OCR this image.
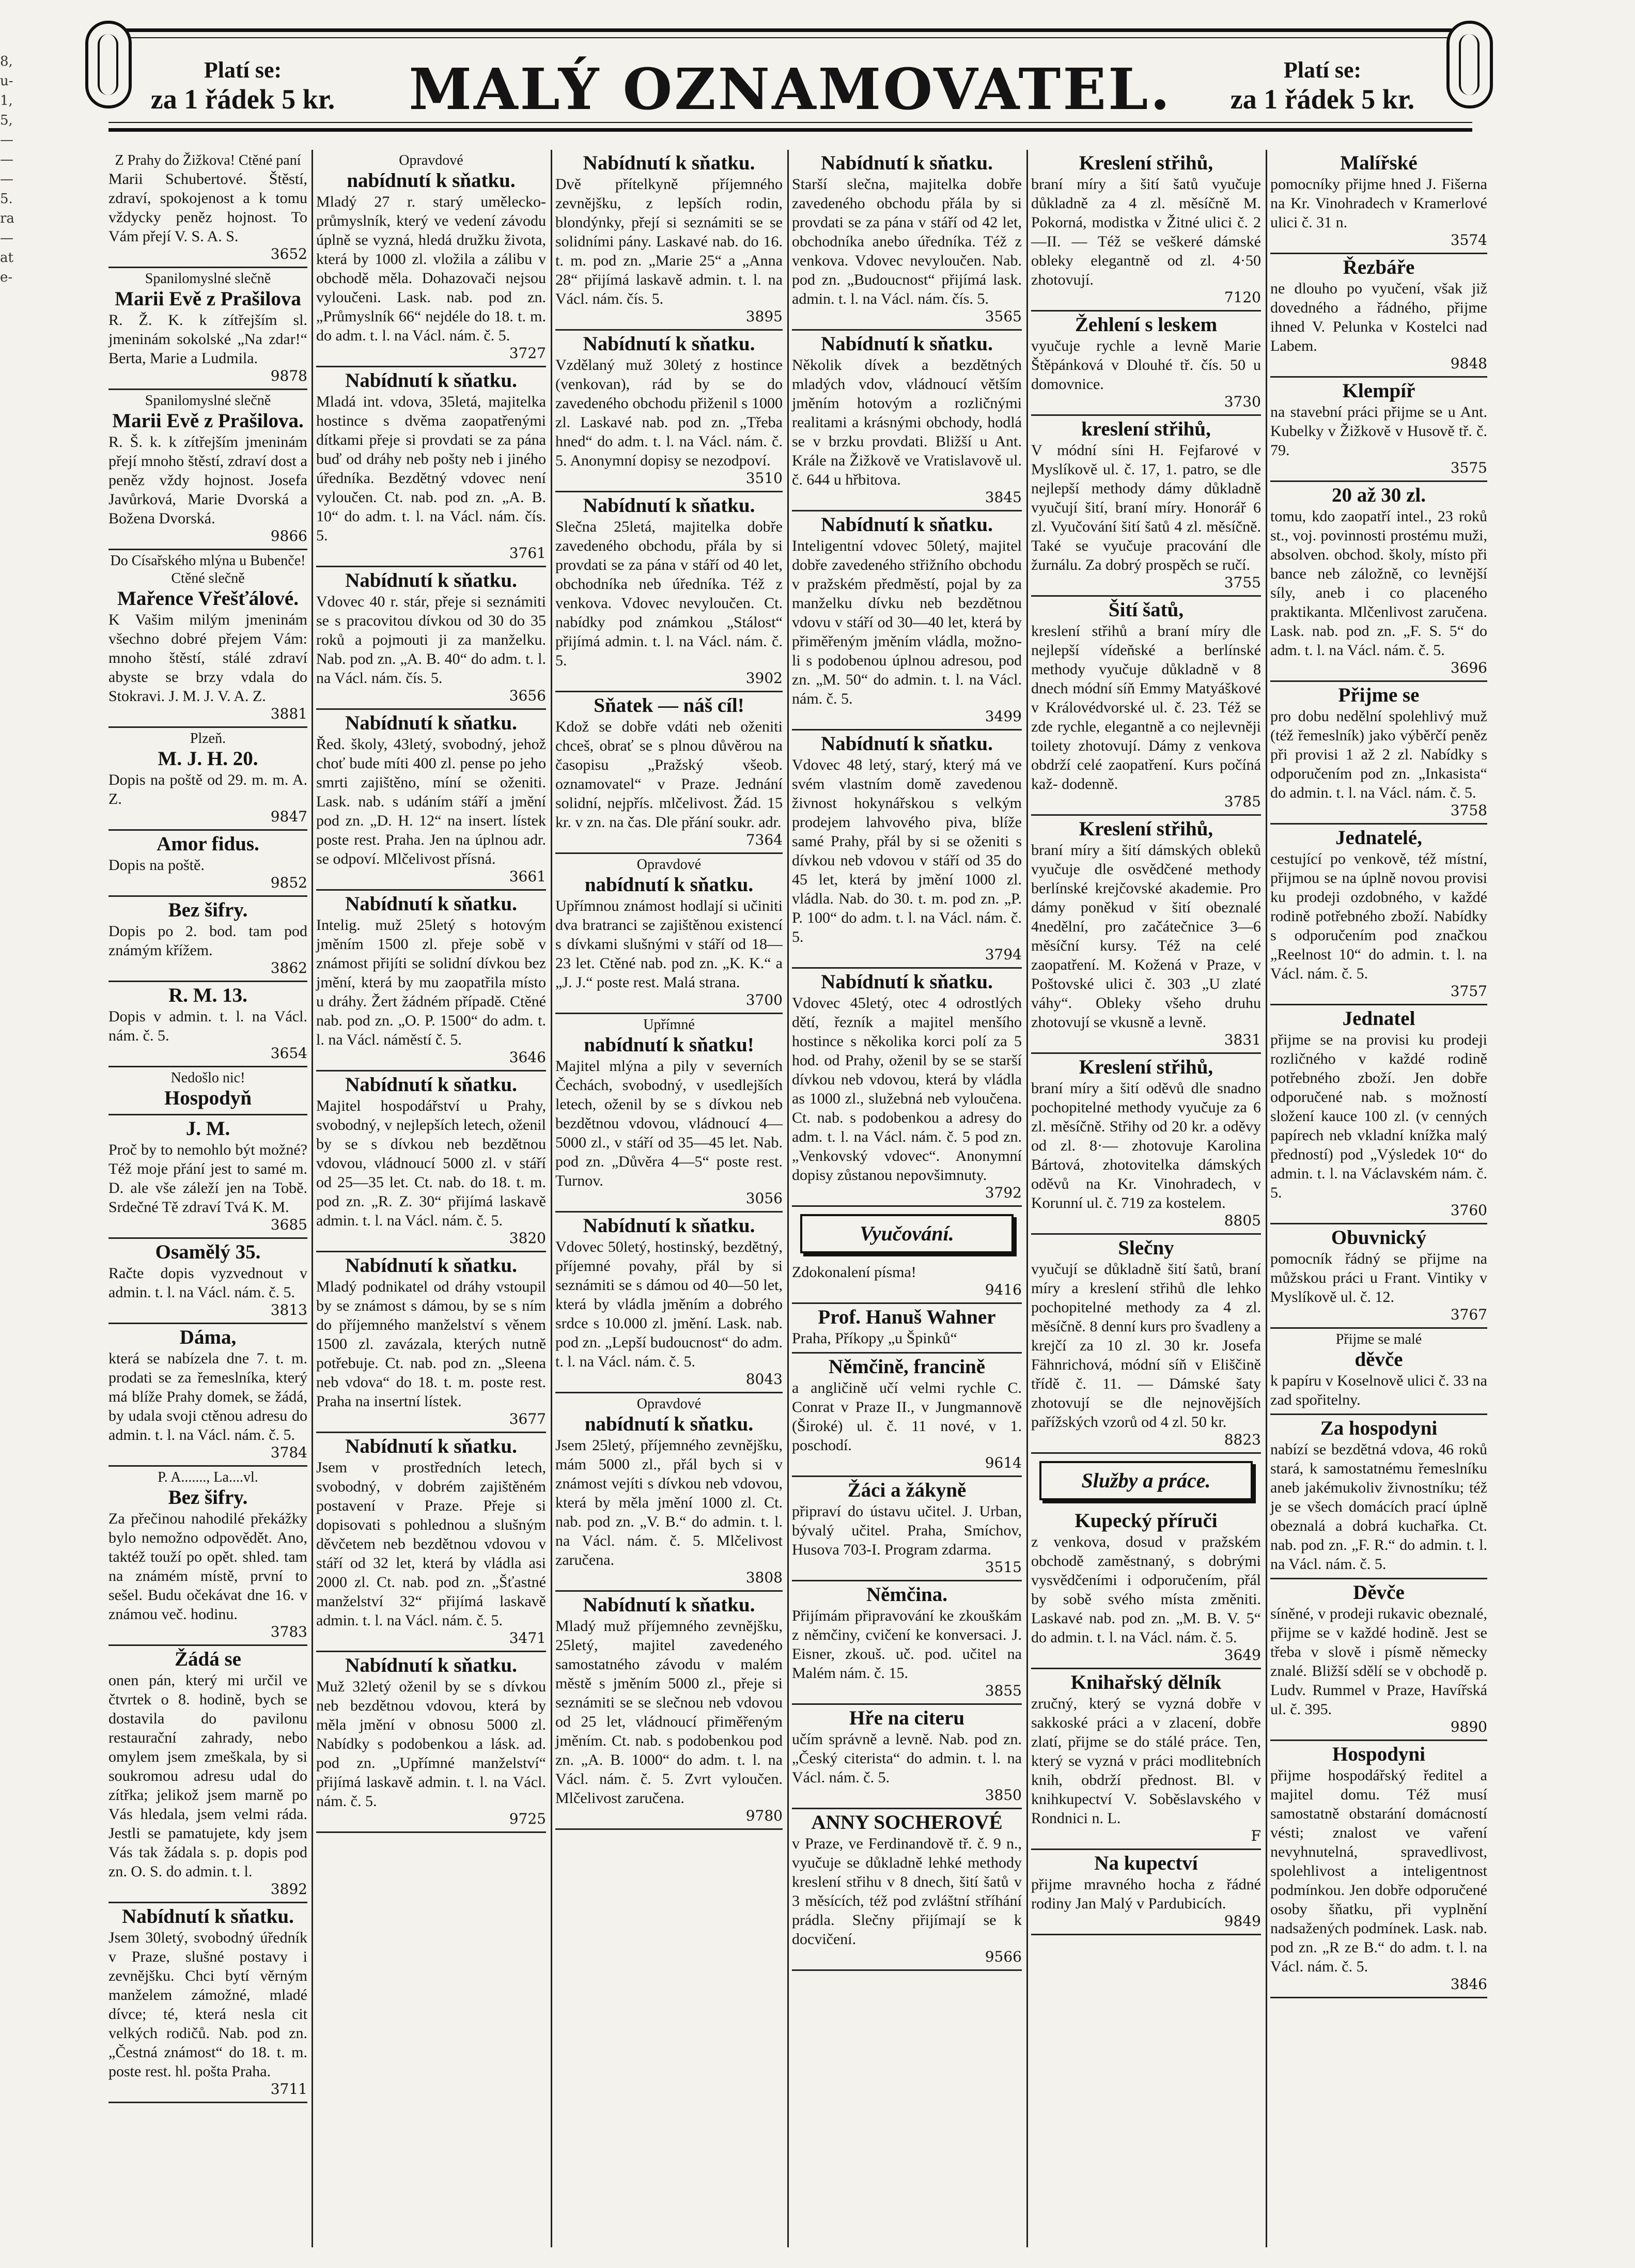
8,
u-
1,
5,
—
—
—
5.
ra
—
at
e-
Platí se:
za 1 řádek 5 kr.	MALÝ OZNAMOVATEL.	Platí se:
za 1 řádek 5 kr.
Z Prahy do Žižkova! Ctěné paní
Marii Schubertové. Štěstí, zdraví, spokojenost a k tomu vždycky peněz hojnost. To Vám přejí V. S. A. S.
3652
Spanilomyslné slečně
Marii Evě z Prašilova
R. Ž. K. k zítřejším sl. jmeninám sokolské „Na zdar!“ Berta, Marie a Ludmila.
9878
Spanilomyslné slečně
Marii Evě z Prašilova.
R. Š. k. k zítřejším jmeninám přejí mnoho štěstí, zdraví dost a peněz vždy hojnost. Josefa Javůrková, Marie Dvorská a Božena Dvorská.
9866
Do Císařského mlýna u Bubenče! Ctěné slečně
Mařence Vřešťálové.
K Vašim milým jmeninám všechno dobré přejem Vám: mnoho štěstí, stálé zdraví abyste se brzy vdala do Stokravi. J. M. J. V. A. Z.
3881
Plzeň.
M. J. H. 20.
Dopis na poště od 29. m. m. A. Z.
9847
Amor fidus.
Dopis na poště.
9852
Bez šifry.
Dopis po 2. bod. tam pod známým křížem.
3862
R. M. 13.
Dopis v admin. t. l. na Václ. nám. č. 5.
3654
Nedošlo nic!
Hospodyň
J. M.
Proč by to nemohlo být možné? Též moje přání jest to samé m. D. ale vše záleží jen na Tobě. Srdečné Tě zdraví Tvá K. M.
3685
Osamělý 35.
Račte dopis vyzvednout v admin. t. l. na Václ. nám. č. 5.
3813
Dáma,
která se nabízela dne 7. t. m. prodati se za řemeslníka, který má blíže Prahy domek, se žádá, by udala svoji ctěnou adresu do admin. t. l. na Václ. nám. č. 5.
3784
P. A......., La....vl.
Bez šifry.
Za přečinou nahodilé překážky bylo nemožno odpovědět. Ano, taktéž touží po opět. shled. tam na známém místě, první to sešel. Budu očekávat dne 16. v známou več. hodinu.
3783
Žádá se
onen pán, který mi určil ve čtvrtek o 8. hodině, bych se dostavila do pavilonu restaurační zahrady, nebo omylem jsem zmeškala, by si soukromou adresu udal do zítřka; jelikož jsem marně po Vás hledala, jsem velmi ráda. Jestli se pamatujete, kdy jsem Vás tak žádala s. p. dopis pod zn. O. S. do admin. t. l.
3892
Nabídnutí k sňatku.
Jsem 30letý, svobodný úředník v Praze, slušné postavy i zevnějšku. Chci bytí věrným manželem zámožné, mladé dívce; té, která nesla cit velkých rodičů. Nab. pod zn. „Čestná známost“ do 18. t. m. poste rest. hl. pošta Praha.
3711
Opravdové
nabídnutí k sňatku.
Mladý 27 r. starý umělecko-průmyslník, který ve vedení závodu úplně se vyzná, hledá družku života, která by 1000 zl. vložila a zálibu v obchodě měla. Dohazovači nejsou vyloučeni. Lask. nab. pod zn. „Průmyslník 66“ nejdéle do 18. t. m. do adm. t. l. na Václ. nám. č. 5.
3727
Nabídnutí k sňatku.
Mladá int. vdova, 35letá, majitelka hostince s dvěma zaopatřenými dítkami přeje si provdati se za pána buď od dráhy neb pošty neb i jiného úředníka. Bezdětný vdovec není vyloučen. Ct. nab. pod zn. „A. B. 10“ do adm. t. l. na Václ. nám. čís. 5.
3761
Nabídnutí k sňatku.
Vdovec 40 r. stár, přeje si seznámiti se s pracovitou dívkou od 30 do 35 roků a pojmouti ji za manželku. Nab. pod zn. „A. B. 40“ do adm. t. l. na Václ. nám. čís. 5.
3656
Nabídnutí k sňatku.
Řed. školy, 43letý, svobodný, jehož choť bude míti 400 zl. pense po jeho smrti zajištěno, míní se oženiti. Lask. nab. s udáním stáří a jmění pod zn. „D. H. 12“ na insert. lístek poste rest. Praha. Jen na úplnou adr. se odpoví. Mlčelivost přísná.
3661
Nabídnutí k sňatku.
Intelig. muž 25letý s hotovým jměním 1500 zl. přeje sobě v známost přijíti se solidní dívkou bez jmění, která by mu zaopatřila místo u dráhy. Žert žádném případě. Ctěné nab. pod zn. „O. P. 1500“ do adm. t. l. na Václ. náměstí č. 5.
3646
Nabídnutí k sňatku.
Majitel hospodářství u Prahy, svobodný, v nejlepších letech, oženil by se s dívkou neb bezdětnou vdovou, vládnoucí 5000 zl. v stáří od 25—35 let. Ct. nab. do 18. t. m. pod zn. „R. Z. 30“ přijímá laskavě admin. t. l. na Václ. nám. č. 5.
3820
Nabídnutí k sňatku.
Mladý podnikatel od dráhy vstoupil by se známost s dámou, by se s ním do příjemného manželství s věnem 1500 zl. zavázala, kterých nutně potřebuje. Ct. nab. pod zn. „Sleena neb vdova“ do 18. t. m. poste rest. Praha na insertní lístek.
3677
Nabídnutí k sňatku.
Jsem v prostředních letech, svobodný, v dobrém zajištěném postavení v Praze. Přeje si dopisovati s pohlednou a slušným děvčetem neb bezdětnou vdovou v stáří od 32 let, která by vládla asi 2000 zl. Ct. nab. pod zn. „Šťastné manželství 32“ přijímá laskavě admin. t. l. na Václ. nám. č. 5.
3471
Nabídnutí k sňatku.
Muž 32letý oženil by se s dívkou neb bezdětnou vdovou, která by měla jmění v obnosu 5000 zl. Nabídky s podobenkou a lásk. ad. pod zn. „Upřímné manželství“ přijímá laskavě admin. t. l. na Václ. nám. č. 5.
9725
Nabídnutí k sňatku.
Dvě přítelkyně příjemného zevnějšku, z lepších rodin, blondýnky, přejí si seznámiti se se solidními pány. Laskavé nab. do 16. t. m. pod zn. „Marie 25“ a „Anna 28“ přijímá laskavě admin. t. l. na Václ. nám. čís. 5.
3895
Nabídnutí k sňatku.
Vzdělaný muž 30letý z hostince (venkovan), rád by se do zavedeného obchodu přiženil s 1000 zl. Laskavé nab. pod zn. „Třeba hned“ do adm. t. l. na Václ. nám. č. 5. Anonymní dopisy se nezodpoví.
3510
Nabídnutí k sňatku.
Slečna 25letá, majitelka dobře zavedeného obchodu, přála by si provdati se za pána v stáří od 40 let, obchodníka neb úředníka. Též z venkova. Vdovec nevyloučen. Ct. nabídky pod známkou „Stálost“ přijímá admin. t. l. na Václ. nám. č. 5.
3902
Sňatek — náš cíl!
Kdož se dobře vdáti neb oženiti chceš, obrať se s plnou důvěrou na časopisu „Pražský všeob. oznamovatel“ v Praze. Jednání solidní, nejpřís. mlčelivost. Žád. 15 kr. v zn. na čas. Dle přání soukr. adr.
7364
Opravdové
nabídnutí k sňatku.
Upřímnou známost hodlají si učiniti dva bratranci se zajištěnou existencí s dívkami slušnými v stáří od 18—23 let. Ctěné nab. pod zn. „K. K.“ a „J. J.“ poste rest. Malá strana.
3700
Upřímné
nabídnutí k sňatku!
Majitel mlýna a pily v severních Čechách, svobodný, v usedlejších letech, oženil by se s dívkou neb bezdětnou vdovou, vládnoucí 4—5000 zl., v stáří od 35—45 let. Nab. pod zn. „Důvěra 4—5“ poste rest. Turnov.
3056
Nabídnutí k sňatku.
Vdovec 50letý, hostinský, bezdětný, příjemné povahy, přál by si seznámiti se s dámou od 40—50 let, která by vládla jměním a dobrého srdce s 10.000 zl. jmění. Lask. nab. pod zn. „Lepší budoucnost“ do adm. t. l. na Václ. nám. č. 5.
8043
Opravdové
nabídnutí k sňatku.
Jsem 25letý, příjemného zevnějšku, mám 5000 zl., přál bych si v známost vejíti s dívkou neb vdovou, která by měla jmění 1000 zl. Ct. nab. pod zn. „V. B.“ do admin. t. l. na Václ. nám. č. 5. Mlčelivost zaručena.
3808
Nabídnutí k sňatku.
Mladý muž příjemného zevnějšku, 25letý, majitel zavedeného samostatného závodu v malém městě s jměním 5000 zl., přeje si seznámiti se se slečnou neb vdovou od 25 let, vládnoucí přiměřeným jměním. Ct. nab. s podobenkou pod zn. „A. B. 1000“ do adm. t. l. na Václ. nám. č. 5. Zvrt vyloučen. Mlčelivost zaručena.
9780
Nabídnutí k sňatku.
Starší slečna, majitelka dobře zavedeného obchodu přála by si provdati se za pána v stáří od 42 let, obchodníka anebo úředníka. Též z venkova. Vdovec nevyloučen. Nab. pod zn. „Budoucnost“ přijímá lask. admin. t. l. na Václ. nám. čís. 5.
3565
Nabídnutí k sňatku.
Několik dívek a bezdětných mladých vdov, vládnoucí větším jměním hotovým a rozličnými realitami a krásnými obchody, hodlá se v brzku provdati. Bližší u Ant. Krále na Žižkově ve Vratislavově ul. č. 644 u hřbitova.
3845
Nabídnutí k sňatku.
Inteligentní vdovec 50letý, majitel dobře zavedeného střižního obchodu v pražském předměstí, pojal by za manželku dívku neb bezdětnou vdovu v stáří od 30—40 let, která by přiměřeným jměním vládla, možno-li s podobenou úplnou adresou, pod zn. „M. 50“ do admin. t. l. na Václ. nám. č. 5.
3499
Nabídnutí k sňatku.
Vdovec 48 letý, starý, který má ve svém vlastním domě zavedenou živnost hokynářskou s velkým prodejem lahvového piva, blíže samé Prahy, přál by si se oženiti s dívkou neb vdovou v stáří od 35 do 45 let, která by jmění 1000 zl. vládla. Nab. do 30. t. m. pod zn. „P. P. 100“ do adm. t. l. na Václ. nám. č. 5.
3794
Nabídnutí k sňatku.
Vdovec 45letý, otec 4 odrostlých dětí, řezník a majitel menšího hostince s několika korci polí za 5 hod. od Prahy, oženil by se se starší dívkou neb vdovou, která by vládla as 1000 zl., služebná neb vyloučena. Ct. nab. s podobenkou a adresy do adm. t. l. na Václ. nám. č. 5 pod zn. „Venkovský vdovec“. Anonymní dopisy zůstanou nepovšimnuty.
3792
Vyučování.
Zdokonalení písma!
9416
Prof. Hanuš Wahner
Praha, Příkopy „u Špinků“
Němčině, francině
a angličině učí velmi rychle C. Conrat v Praze II., v Jungmannově (Široké) ul. č. 11 nové, v 1. poschodí.
9614
Žáci a žákyně
připraví do ústavu učitel. J. Urban, bývalý učitel. Praha, Smíchov, Husova 703-I. Program zdarma.
3515
Němčina.
Přijímám připravování ke zkouškám z němčiny, cvičení ke konversaci. J. Eisner, zkouš. uč. pod. učitel na Malém nám. č. 15.
3855
Hře na citeru
učím správně a levně. Nab. pod zn. „Český citerista“ do admin. t. l. na Václ. nám. č. 5.
3850
ANNY SOCHEROVÉ
v Praze, ve Ferdinandově tř. č. 9 n., vyučuje se důkladně lehké methody kreslení střihu v 8 dnech, šití šatů v 3 měsících, též pod zvláštní stříhání prádla. Slečny přijímají se k docvičení.
9566
Kreslení střihů,
braní míry a šití šatů vyučuje důkladně za 4 zl. měsíčně M. Pokorná, modistka v Žitné ulici č. 2—II. — Též se veškeré dámské obleky elegantně od zl. 4·50 zhotovují.
7120
Žehlení s leskem
vyučuje rychle a levně Marie Štěpánková v Dlouhé tř. čís. 50 u domovnice.
3730
kreslení střihů,
V módní síni H. Fejfarové v Myslíkově ul. č. 17, 1. patro, se dle nejlepší methody dámy důkladně vyučují šití, braní míry. Honorář 6 zl. Vyučování šití šatů 4 zl. měsíčně. Také se vyučuje pracování dle žurnálu. Za dobrý prospěch se ručí.
3755
Šití šatů,
kreslení střihů a braní míry dle nejlepší vídeňské a berlínské methody vyučuje důkladně v 8 dnech módní síň Emmy Matyáškové v Královédvorské ul. č. 23. Též se zde rychle, elegantně a co nejlevněji toilety zhotovují. Dámy z venkova obdrží celé zaopatření. Kurs počíná kaž- dodenně.
3785
Kreslení střihů,
braní míry a šití dámských obleků vyučuje dle osvědčené methody berlínské krejčovské akademie. Pro dámy poněkud v šití obeznalé 4nedělní, pro začátečnice 3—6 měsíční kursy. Též na celé zaopatření. M. Kožená v Praze, v Poštovské ulici č. 303 „U zlaté váhy“. Obleky všeho druhu zhotovují se vkusně a levně.
3831
Kreslení střihů,
braní míry a šití oděvů dle snadno pochopitelné methody vyučuje za 6 zl. měsíčně. Střihy od 20 kr. a oděvy od zl. 8·— zhotovuje Karolina Bártová, zhotovitelka dámských oděvů na Kr. Vinohradech, v Korunní ul. č. 719 za kostelem.
8805
Slečny
vyučují se důkladně šití šatů, braní míry a kreslení střihů dle lehko pochopitelné methody za 4 zl. měsíčně. 8 denní kurs pro švadleny a krejčí za 10 zl. 30 kr. Josefa Fähnrichová, módní síň v Eliščině třídě č. 11. — Dámské šaty zhotovují se dle nejnovějších pařížských vzorů od 4 zl. 50 kr.
8823
Služby a práce.
Kupecký příruči
z venkova, dosud v pražském obchodě zaměstnaný, s dobrými vysvědčeními i odporučením, přál by sobě svého místa změniti. Laskavé nab. pod zn. „M. B. V. 5“ do admin. t. l. na Václ. nám. č. 5.
3649
Knihařský dělník
zručný, který se vyzná dobře v sakkoské práci a v zlacení, dobře zlatí, přijme se do stálé práce. Ten, který se vyzná v práci modlitebních knih, obdrží přednost. Bl. v knihkupectví V. Soběslavského v Rondnici n. L.
F
Na kupectví
přijme mravného hocha z řádné rodiny Jan Malý v Pardubicích.
9849
Malířské
pomocníky přijme hned J. Fišerna na Kr. Vinohradech v Kramerlové ulici č. 31 n.
3574
Řezbáře
ne dlouho po vyučení, však již dovedného a řádného, přijme ihned V. Pelunka v Kostelci nad Labem.
9848
Klempíř
na stavební práci přijme se u Ant. Kubelky v Žižkově v Husově tř. č. 79.
3575
20 až 30 zl.
tomu, kdo zaopatří intel., 23 roků st., voj. povinnosti prostému muži, absolven. obchod. školy, místo při bance neb záložně, co levnější síly, aneb i co placeného praktikanta. Mlčenlivost zaručena. Lask. nab. pod zn. „F. S. 5“ do adm. t. l. na Václ. nám. č. 5.
3696
Přijme se
pro dobu nedělní spolehlivý muž (též řemeslník) jako výběrčí peněz při provisi 1 až 2 zl. Nabídky s odporučením pod zn. „Inkasista“ do admin. t. l. na Václ. nám. č. 5.
3758
Jednatelé,
cestující po venkově, též místní, přijmou se na úplně novou provisi ku prodeji ozdobného, v každé rodině potřebného zboží. Nabídky s odporučením pod značkou „Reelnost 10“ do admin. t. l. na Václ. nám. č. 5.
3757
Jednatel
přijme se na provisi ku prodeji rozličného v každé rodině potřebného zboží. Jen dobře odporučené nab. s možností složení kauce 100 zl. (v cenných papírech neb vkladní knížka malý předností) pod „Výsledek 10“ do admin. t. l. na Václavském nám. č. 5.
3760
Obuvnický
pomocník řádný se přijme na můžskou práci u Frant. Vintiky v Myslíkově ul. č. 12.
3767
Přijme se malé
děvče
k papíru v Koselnově ulici č. 33 na zad spořitelny.
Za hospodyni
nabízí se bezdětná vdova, 46 roků stará, k samostatnému řemeslníku aneb jakémukoliv živnostníku; též je se všech domácích prací úplně obeznalá a dobrá kuchařka. Ct. nab. pod zn. „F. R.“ do admin. t. l. na Václ. nám. č. 5.
Děvče
síněné, v prodeji rukavic obeznalé, přijme se v každé hodině. Jest se třeba v slově i písmě německy znalé. Bližší sdělí se v obchodě p. Ludv. Rummel v Praze, Havířská ul. č. 395.
9890
Hospodyni
přijme hospodářský ředitel a majitel domu. Též musí samostatně obstarání domácností vésti; znalost ve vaření nevyhnutelná, spravedlivost, spolehlivost a inteligentnost podmínkou. Jen dobře odporučené osoby šňatku, při vyplnění nadsažených podmínek. Lask. nab. pod zn. „R ze B.“ do adm. t. l. na Václ. nám. č. 5.
3846
